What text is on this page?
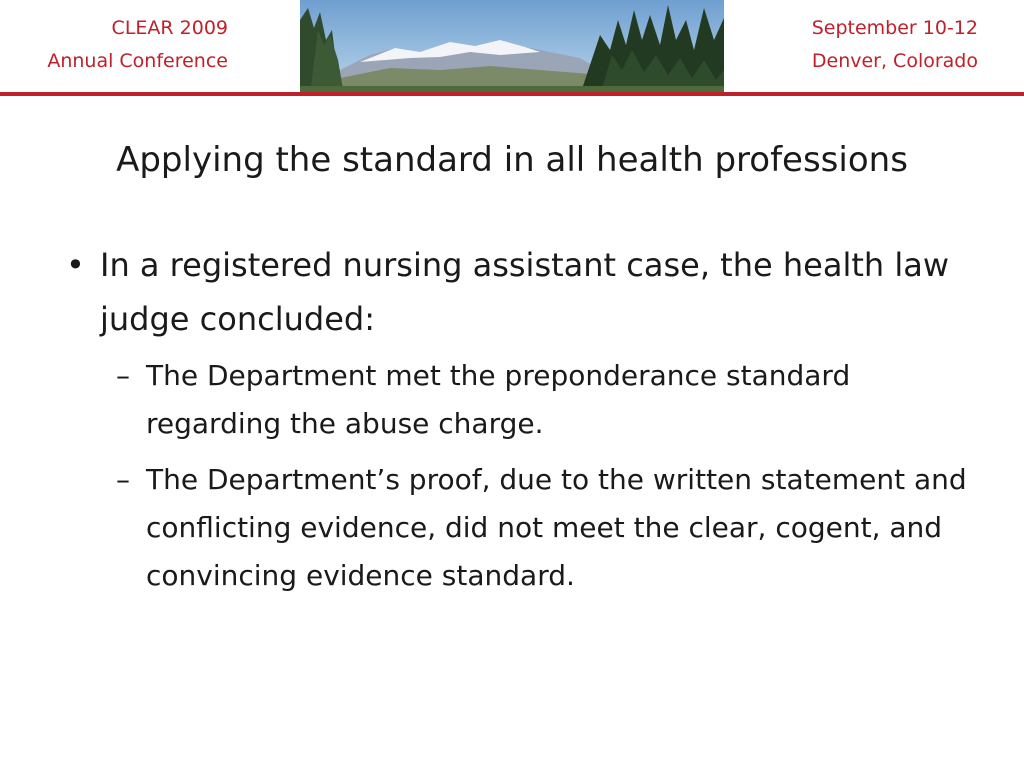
CLEAR 2009
Annual Conference
September 10-12
Denver, Colorado
Applying the standard in all health professions
• In a registered nursing assistant case, the health law judge concluded:
– The Department met the preponderance standard regarding the abuse charge.
– The Department’s proof, due to the written statement and conflicting evidence, did not meet the clear, cogent, and convincing evidence standard.
